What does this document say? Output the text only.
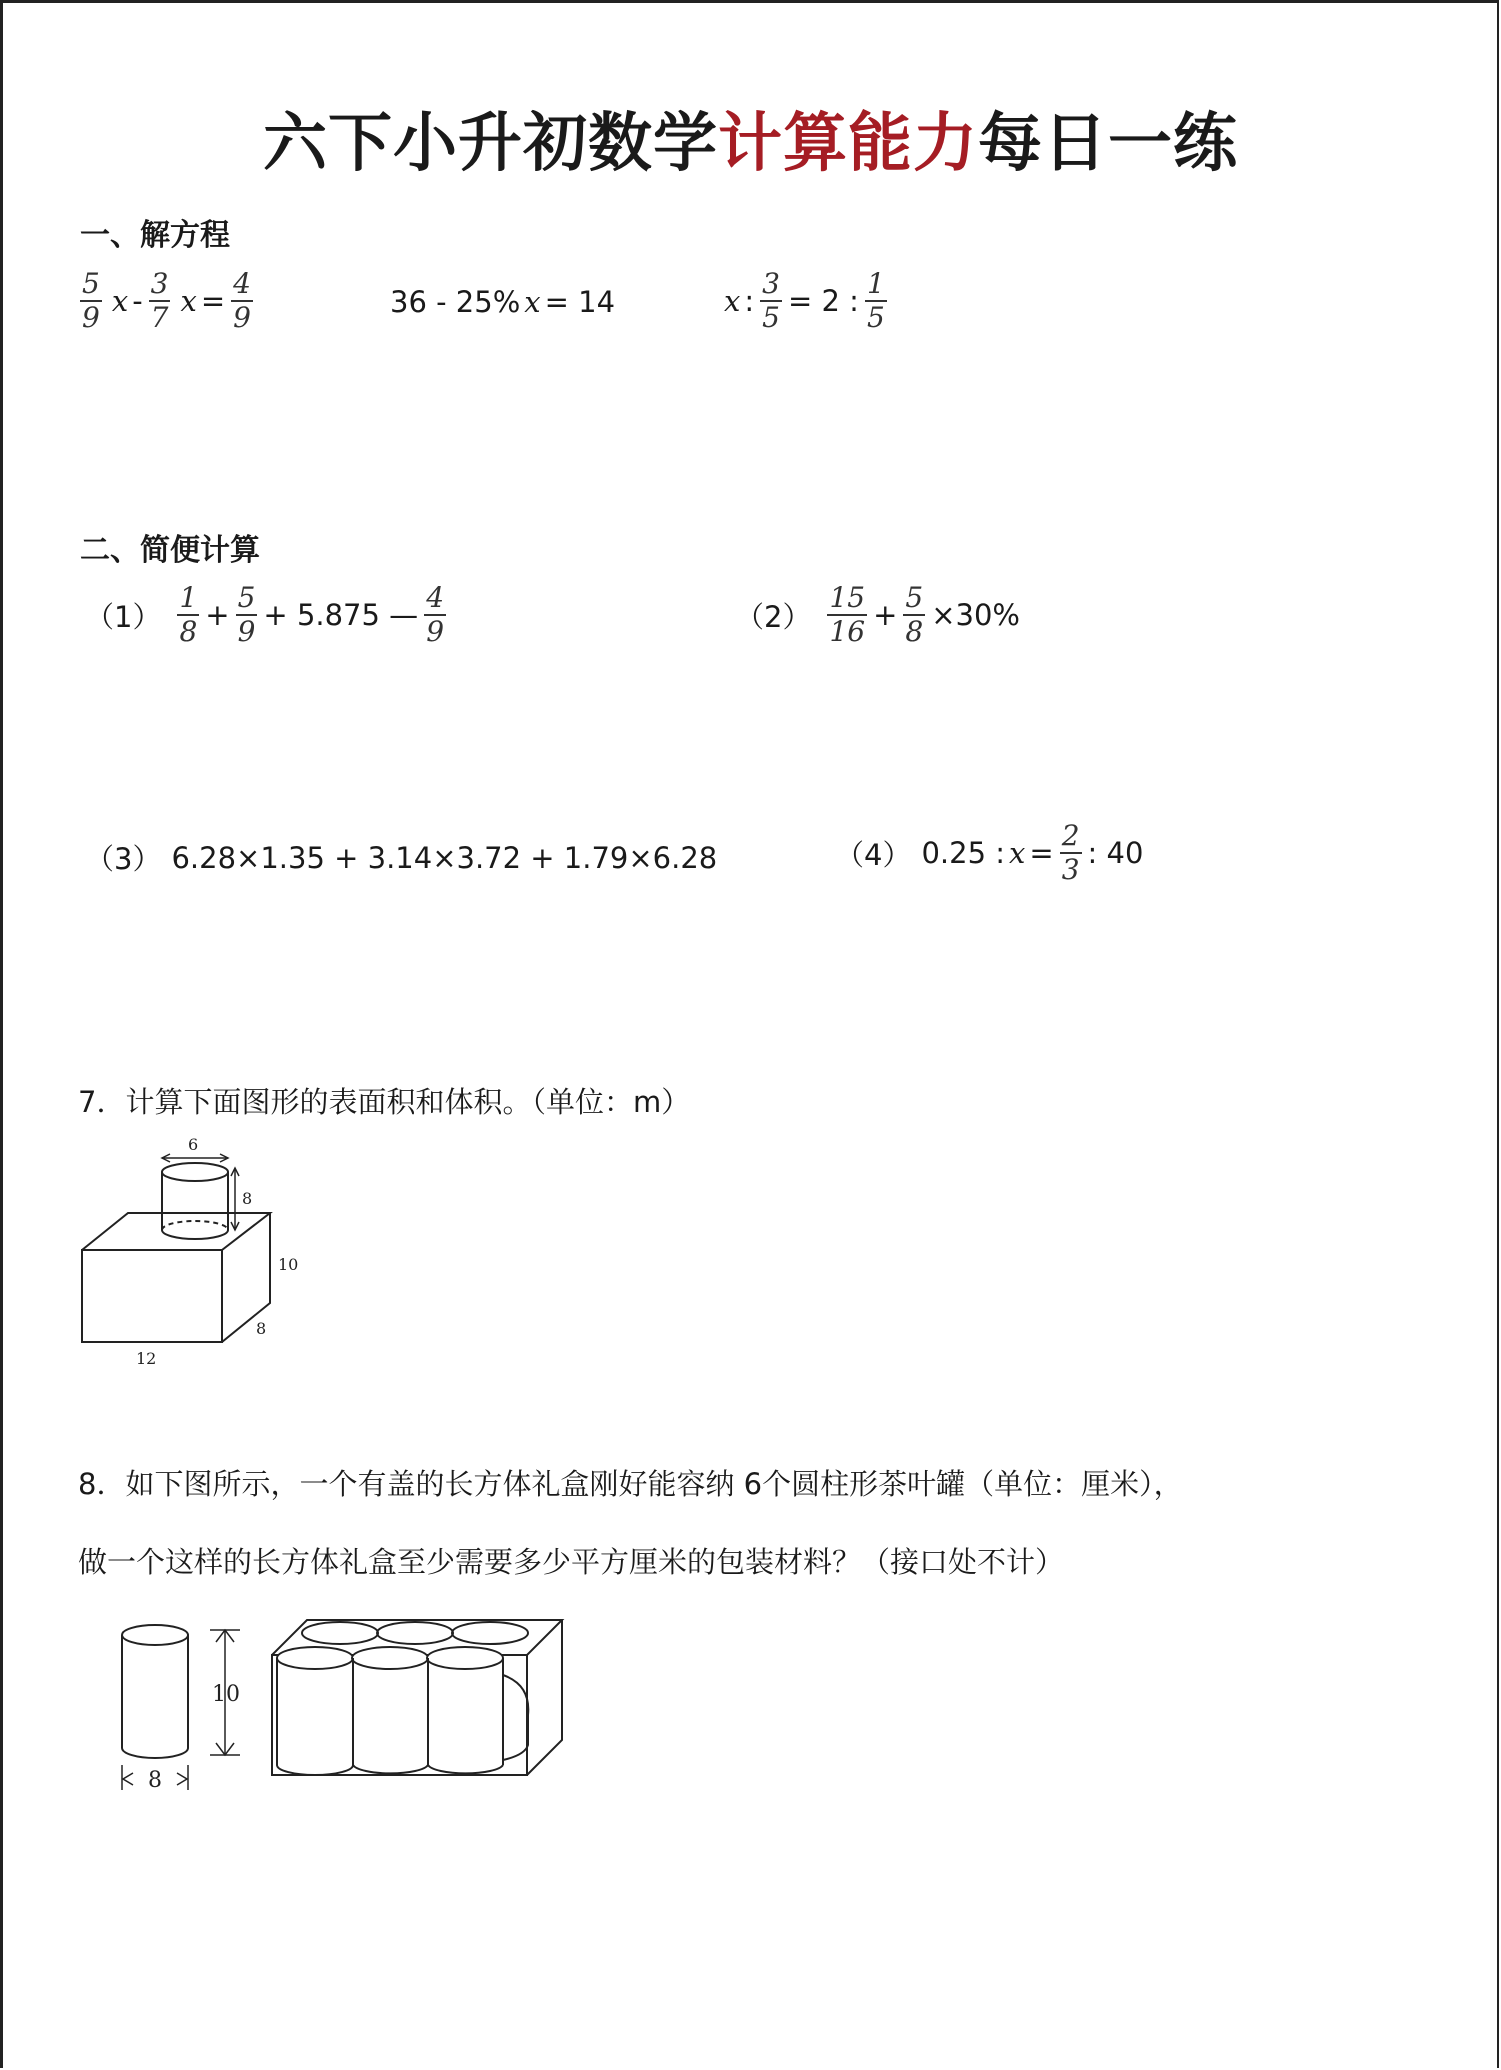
六下小升初数学计算能力每日一练
一、解方程
$\frac{5}{9}$ x - $\frac{3}{7}$ $x = \frac{4}{9}$	36 - 25% x = 14	x : $\frac{3}{5} = 2$ : $\frac{1}{5}$
二、简便计算
$(1) \frac{1}{8} + \frac{5}{9} + 5.875$ — $\frac{4}{9}$	$(2) \frac{15}{16} + \frac{5}{8} \times 30\%$
（3） 6.28×1.35 + 3.14×3.72 + 1.79×6.28	（4） 0.25 : $x = \frac{2}{3}$ : 40
7．计算下面图形的表面积和体积。（单位：m）
6
8
10
8
12
8．如下图所示，一个有盖的长方体礼盒刚好能容纳 6个圆柱形茶叶罐（单位：厘米），
做一个这样的长方体礼盒至少需要多少平方厘米的包装材料？（接口处不计）
10
8
